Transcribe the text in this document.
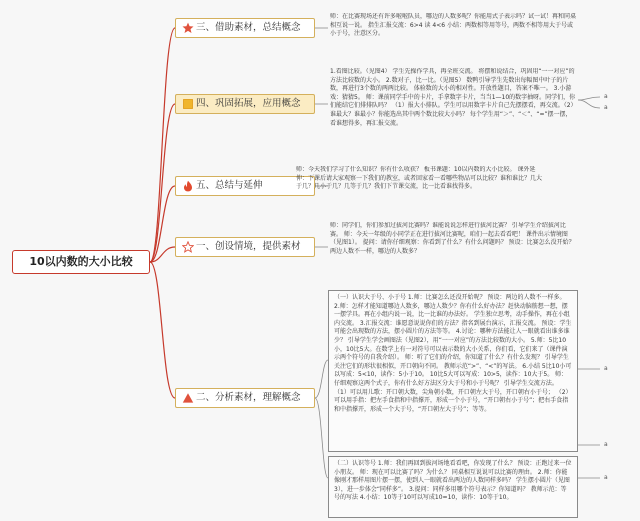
10以内数的大小比较
三、借助素材，总结概念

师：在比赛现场还有许多啦啦队员，哪边的人数多呢？你能用式子表示吗？试一试！再和同桌相互说一说。 指生汇报交流：6>4 读 4<6 小结：两数相等用等号，两数不相等用大于号或小于号，注意区分。

四、巩固拓展，应用概念

1.看图比较。（见图4） 学生先操作学具，再全班交流。 将摆和说结合，巩固用“一一对应”的方法比较数的大小。 2.数对子，比一比。（见图5） 数鸭引导学生先数出每幅图中叶子的片数，再进行3个数的两两比较。 体验数的大小的相对性。开放性题目，答案不唯一。 3.小游戏：猜猜5。 师：课前同学手中的卡片，手拿数字卡片，当当1—10的数字抽呀。同学们，你们能结它们排排队吗？ （1）报大小排队。学生可以用数字卡片自己先摆摆看，再交流。（2）谁最大？谁最小？你能选出其中两个数比较大小吗？ 每个学生用“＞”、“＜”、“=”摆一摆，看谁想得多，再汇报交流。

a
a
五、总结与延伸

师：今天我们学习了什么知识？你有什么收获？ 板书课题：10以内数的大小比较。 课外延伸：下课后请大家观察一下我们的教室，或者回家看一看哪些物品可以比较？谁和谁比？几大于几？几小于几？几等于几？我们下节课交流，比一比看谁找得多。

一、创设情境，提供素材

师：同学们，你们参加过拔河比赛吗？谁能说说怎样进行拔河比赛？ 引导学生介绍拔河比赛。 师：今天一年级的小同学正在进行拔河比赛呢，咱们一起去看看吧！ 课件出示情境图（见图1）。 提问：请你仔细观察：你看到了什么？有什么问题吗？ 预设：比赛怎么没开始？两边人数不一样，哪边的人数多？

二、分析素材，理解概念

（一）认识大于号、小于号 1.师：比赛怎么还没开始呢？ 预设：两边的人数不一样多。 2.师：怎样才能知道哪边人数多，哪边人数少？你有什么好办法？赶快动脑筋想一想，摆一摆学具。再在小组内说一说，比一比谁的办法好。 学生独立思考，动手操作，再在小组内交流。 3.汇报交流：谁愿意说说你们的方法？指名到展台演示，汇报交流。 预设：学生可能会出现数的方法，摆小圆片的方法等等。 4.讨论：哪种方法能让人一眼就看出谁多谁少？ 引导学生学会画图法（见图2），用“一一对应”的方法比较数的大小。 5.师：5比10小，10比5大。在数学上有一对符号可以表示数的大小关系，你们看，它们来了（课件演示两个符号的自我介绍）。 师：听了它们的介绍，你知道了什么？有什么发现？ 引导学生关注它们的形状很相似，开口朝向不同。 教师示范“>”、“<”的写法。 6.小结 5比10小可以写成：5<10，读作：5小于10。 10比5大可以写成：10>5，读作：10大于5。 师：仔细观察这两个式子，你有什么好方法区分大于号和小于号呢？ 引导学生交流方法。 （1）可以用儿歌：开口朝大数，尖角朝小数，开口朝左大于号，开口朝右小于号； （2）可以用手指：把左手食指和中指撑开，形成一个小于号，“开口朝右小于号”；把右手食指和中指撑开，形成一个大于号，“开口朝左大于号”；等等。

（二）认识等号 1.师：我们再回到拔河场地看看吧，你发现了什么？ 预设：正跑过来一位小朋友。 师：现在可以比赛了吗？为什么？ 同桌相互说说可以比赛的理由。 2.师：你能像刚才那样用图片摆一摆，使到人一眼就看出两边的人数同样多吗？ 学生摆小圆片（见图3），进一步体会“同样多”。 3.提问：同样多用哪个符号表示？你知道吗？ 教师示范：等号的写法 4.小结：10等于10可以写成10=10，读作：10等于10。

a
a
a
